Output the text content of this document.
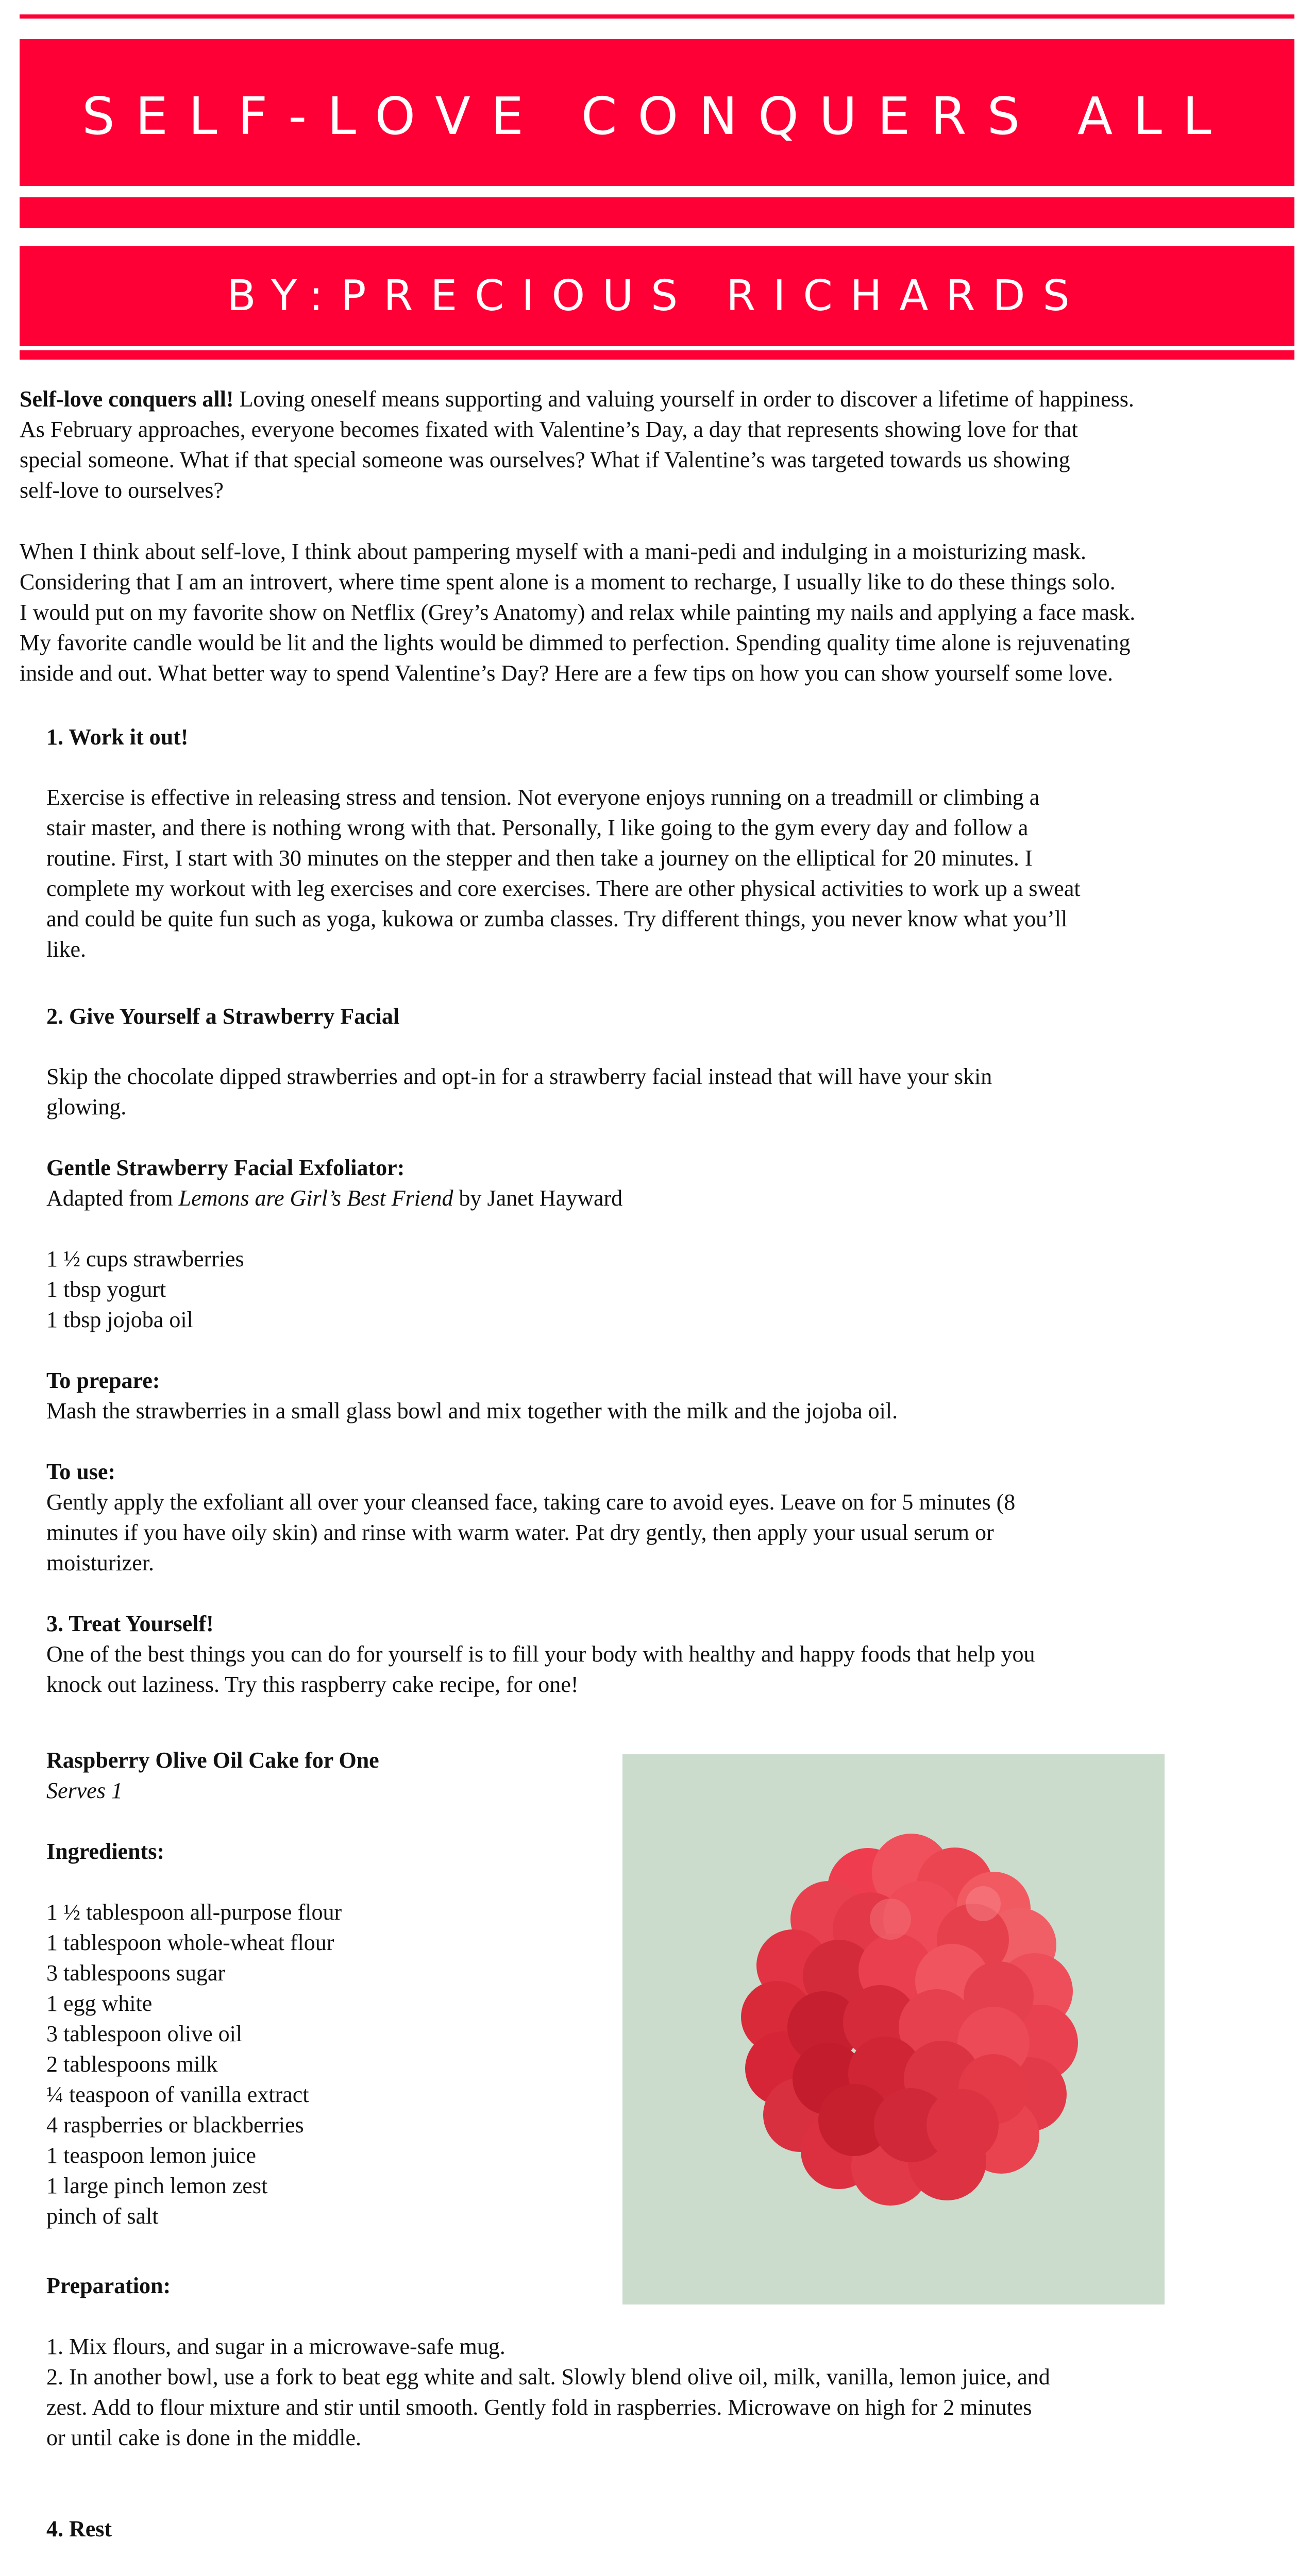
SELF-LOVE CONQUERS ALL
BY:PRECIOUS RICHARDS
Self-love conquers all! Loving oneself means supporting and valuing yourself in order to discover a lifetime of happiness.
As February approaches, everyone becomes fixated with Valentine’s Day, a day that represents showing love for that
special someone. What if that special someone was ourselves? What if Valentine’s was targeted towards us showing
self-love to ourselves?
When I think about self-love, I think about pampering myself with a mani-pedi and indulging in a moisturizing mask.
Considering that I am an introvert, where time spent alone is a moment to recharge, I usually like to do these things solo.
I would put on my favorite show on Netflix (Grey’s Anatomy) and relax while painting my nails and applying a face mask.
My favorite candle would be lit and the lights would be dimmed to perfection. Spending quality time alone is rejuvenating
inside and out. What better way to spend Valentine’s Day? Here are a few tips on how you can show yourself some love.
1. Work it out!
Exercise is effective in releasing stress and tension. Not everyone enjoys running on a treadmill or climbing a
stair master, and there is nothing wrong with that. Personally, I like going to the gym every day and follow a
routine. First, I start with 30 minutes on the stepper and then take a journey on the elliptical for 20 minutes. I
complete my workout with leg exercises and core exercises. There are other physical activities to work up a sweat
and could be quite fun such as yoga, kukowa or zumba classes. Try different things, you never know what you’ll
like.
2. Give Yourself a Strawberry Facial
Skip the chocolate dipped strawberries and opt-in for a strawberry facial instead that will have your skin
glowing.
Gentle Strawberry Facial Exfoliator:
Adapted from Lemons are Girl’s Best Friend by Janet Hayward
1 ½ cups strawberries
1 tbsp yogurt
1 tbsp jojoba oil
To prepare:
Mash the strawberries in a small glass bowl and mix together with the milk and the jojoba oil.
To use:
Gently apply the exfoliant all over your cleansed face, taking care to avoid eyes. Leave on for 5 minutes (8
minutes if you have oily skin) and rinse with warm water. Pat dry gently, then apply your usual serum or
moisturizer.
3. Treat Yourself!
One of the best things you can do for yourself is to fill your body with healthy and happy foods that help you
knock out laziness. Try this raspberry cake recipe, for one!
Raspberry Olive Oil Cake for One
Serves 1
Ingredients:
1 ½ tablespoon all-purpose flour
1 tablespoon whole-wheat flour
3 tablespoons sugar
1 egg white
3 tablespoon olive oil
2 tablespoons milk
¼ teaspoon of vanilla extract
4 raspberries or blackberries
1 teaspoon lemon juice
1 large pinch lemon zest
pinch of salt
Preparation:
1. Mix flours, and sugar in a microwave-safe mug.
2. In another bowl, use a fork to beat egg white and salt. Slowly blend olive oil, milk, vanilla, lemon juice, and
zest. Add to flour mixture and stir until smooth. Gently fold in raspberries. Microwave on high for 2 minutes
or until cake is done in the middle.
4. Rest
